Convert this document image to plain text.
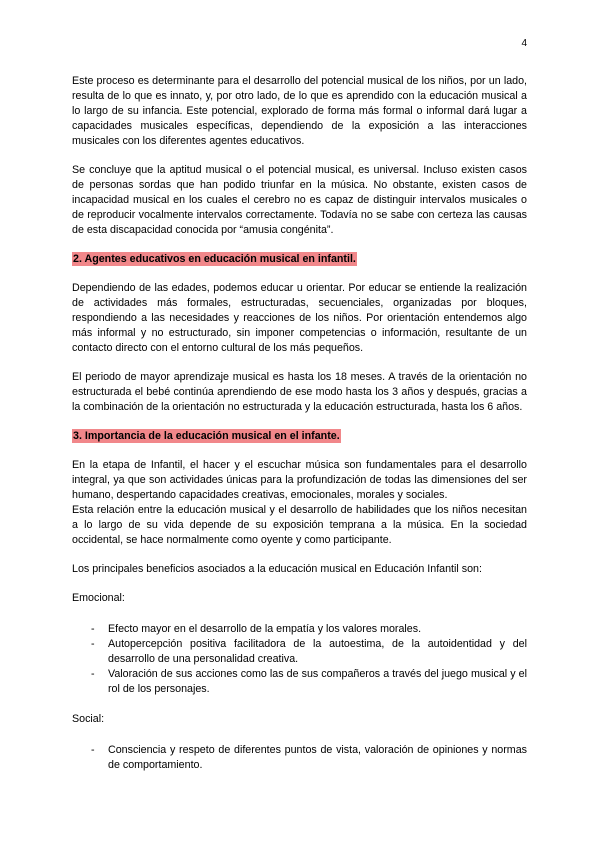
4

Este proceso es determinante para el desarrollo del potencial musical de los niños, por un lado, resulta de lo que es innato, y, por otro lado, de lo que es aprendido con la educación musical a lo largo de su infancia. Este potencial, explorado de forma más formal o informal dará lugar a capacidades musicales específicas, dependiendo de la exposición a las interacciones musicales con los diferentes agentes educativos.

Se concluye que la aptitud musical o el potencial musical, es universal. Incluso existen casos de personas sordas que han podido triunfar en la música. No obstante, existen casos de incapacidad musical en los cuales el cerebro no es capaz de distinguir intervalos musicales o de reproducir vocalmente intervalos correctamente. Todavía no se sabe con certeza las causas de esta discapacidad conocida por “amusia congénita”.

2. Agentes educativos en educación musical en infantil.

Dependiendo de las edades, podemos educar u orientar. Por educar se entiende la realización de actividades más formales, estructuradas, secuenciales, organizadas por bloques, respondiendo a las necesidades y reacciones de los niños. Por orientación entendemos algo más informal y no estructurado, sin imponer competencias o información, resultante de un contacto directo con el entorno cultural de los más pequeños.

El periodo de mayor aprendizaje musical es hasta los 18 meses. A través de la orientación no estructurada el bebé continúa aprendiendo de ese modo hasta los 3 años y después, gracias a la combinación de la orientación no estructurada y la educación estructurada, hasta los 6 años.

3. Importancia de la educación musical en el infante.

En la etapa de Infantil, el hacer y el escuchar música son fundamentales para el desarrollo integral, ya que son actividades únicas para la profundización de todas las dimensiones del ser humano, despertando capacidades creativas, emocionales, morales y sociales.

Esta relación entre la educación musical y el desarrollo de habilidades que los niños necesitan a lo largo de su vida depende de su exposición temprana a la música. En la sociedad occidental, se hace normalmente como oyente y como participante.

Los principales beneficios asociados a la educación musical en Educación Infantil son:

Emocional:
- Efecto mayor en el desarrollo de la empatía y los valores morales.
- Autopercepción positiva facilitadora de la autoestima, de la autoidentidad y del desarrollo de una personalidad creativa.
- Valoración de sus acciones como las de sus compañeros a través del juego musical y el rol de los personajes.
Social:
- Consciencia y respeto de diferentes puntos de vista, valoración de opiniones y normas de comportamiento.
